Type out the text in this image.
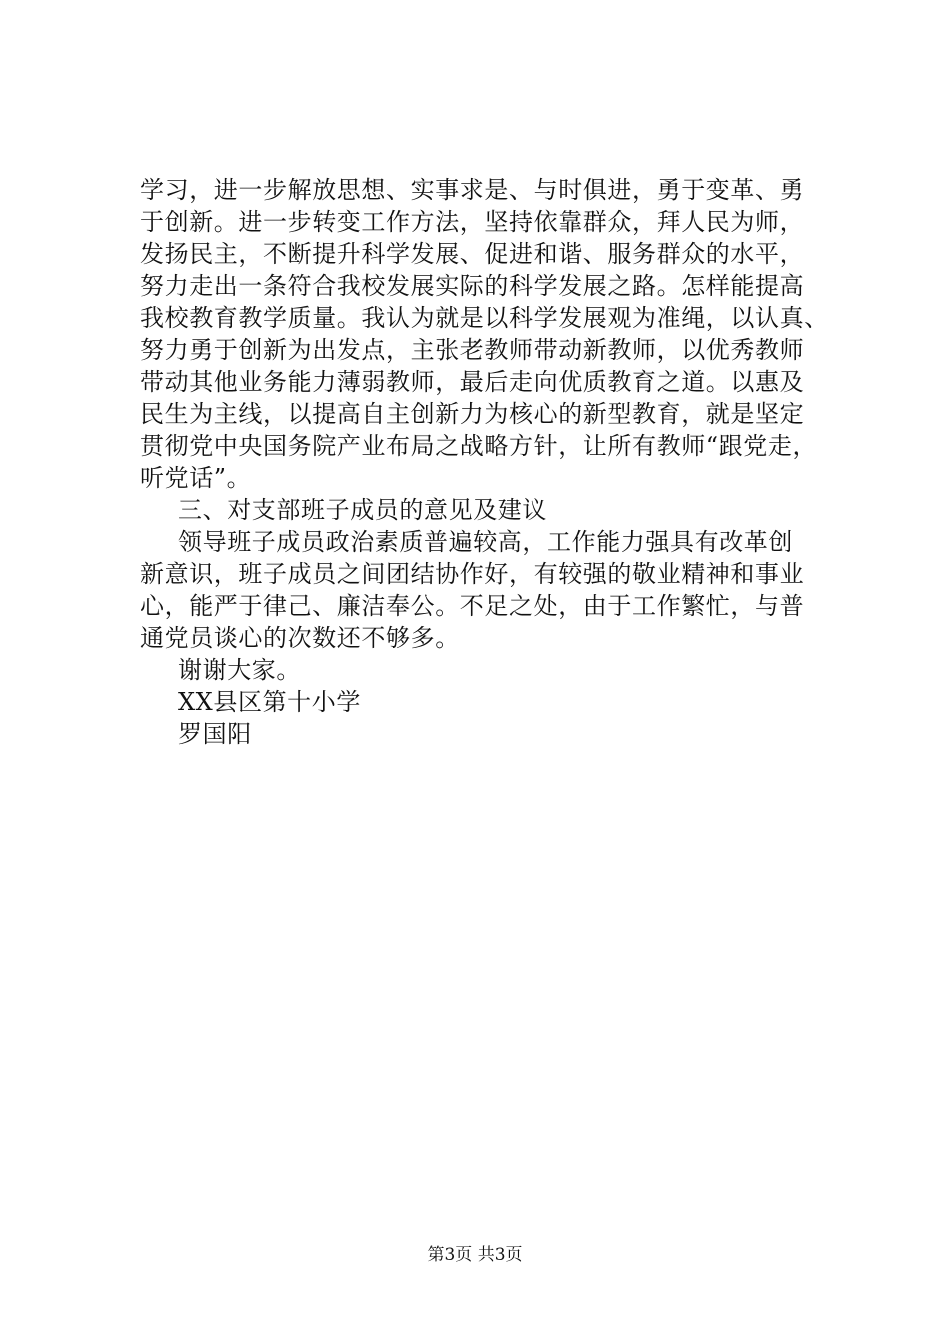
学习，进一步解放思想、实事求是、与时俱进，勇于变革、勇
于创新。进一步转变工作方法，坚持依靠群众，拜人民为师，
发扬民主，不断提升科学发展、促进和谐、服务群众的水平，
努力走出一条符合我校发展实际的科学发展之路。怎样能提高
我校教育教学质量。我认为就是以科学发展观为准绳，以认真、
努力勇于创新为出发点，主张老教师带动新教师，以优秀教师
带动其他业务能力薄弱教师，最后走向优质教育之道。以惠及
民生为主线，以提高自主创新力为核心的新型教育，就是坚定
贯彻党中央国务院产业布局之战略方针，让所有教师“跟党走，
听党话”。
三、对支部班子成员的意见及建议
领导班子成员政治素质普遍较高，工作能力强具有改革创
新意识，班子成员之间团结协作好，有较强的敬业精神和事业
心，能严于律己、廉洁奉公。不足之处，由于工作繁忙，与普
通党员谈心的次数还不够多。
谢谢大家。
XX县区第十小学
罗国阳
第3页 共3页
